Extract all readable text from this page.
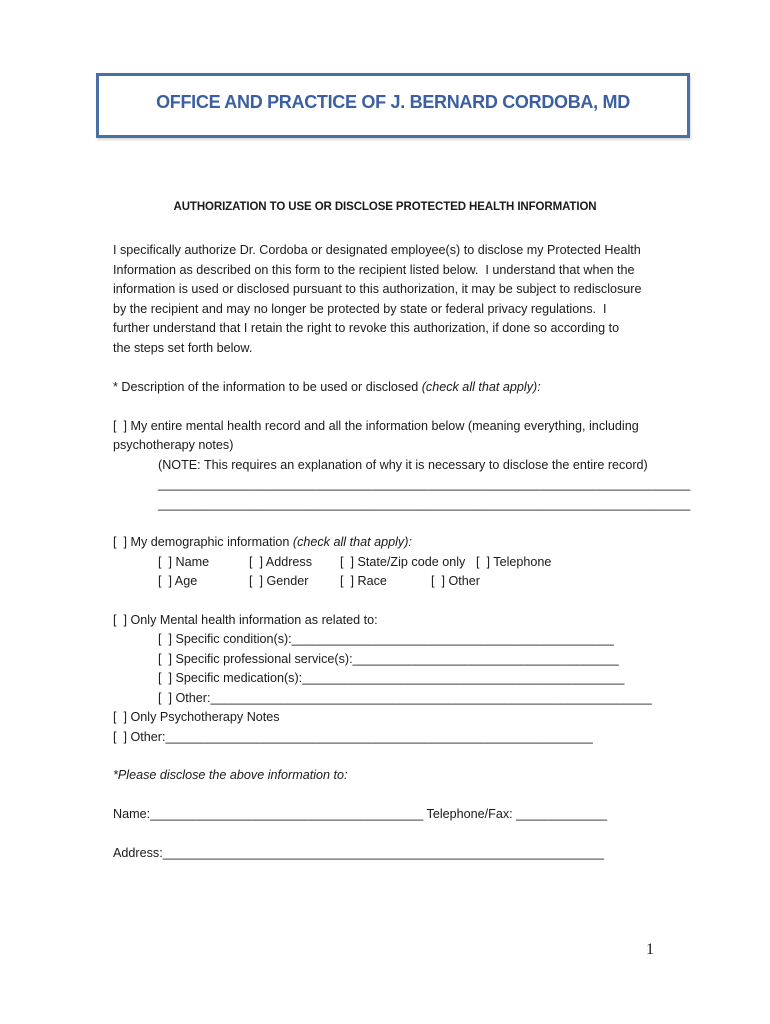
OFFICE AND PRACTICE OF J. BERNARD CORDOBA, MD
AUTHORIZATION TO USE OR DISCLOSE PROTECTED HEALTH INFORMATION
I specifically authorize Dr. Cordoba or designated employee(s) to disclose my Protected Health
Information as described on this form to the recipient listed below.  I understand that when the
information is used or disclosed pursuant to this authorization, it may be subject to redisclosure
by the recipient and may no longer be protected by state or federal privacy regulations.  I
further understand that I retain the right to revoke this authorization, if done so according to
the steps set forth below.
* Description of the information to be used or disclosed (check all that apply):
[  ] My entire mental health record and all the information below (meaning everything, including
psychotherapy notes)
(NOTE: This requires an explanation of why it is necessary to disclose the entire record)
____________________________________________________________________________
____________________________________________________________________________
[  ] My demographic information (check all that apply):
[  ] Name	[  ] Address [  ] State/Zip code only [  ] Telephone
[  ] Age	[  ] Gender [  ] Race	[  ] Other
[  ] Only Mental health information as related to:
[  ] Specific condition(s):______________________________________________
[  ] Specific professional service(s):______________________________________
[  ] Specific medication(s):______________________________________________
[  ] Other:_______________________________________________________________
[  ] Only Psychotherapy Notes
[  ] Other:_____________________________________________________________
*Please disclose the above information to:
Name:_______________________________________ Telephone/Fax: _____________
Address:_______________________________________________________________
1
